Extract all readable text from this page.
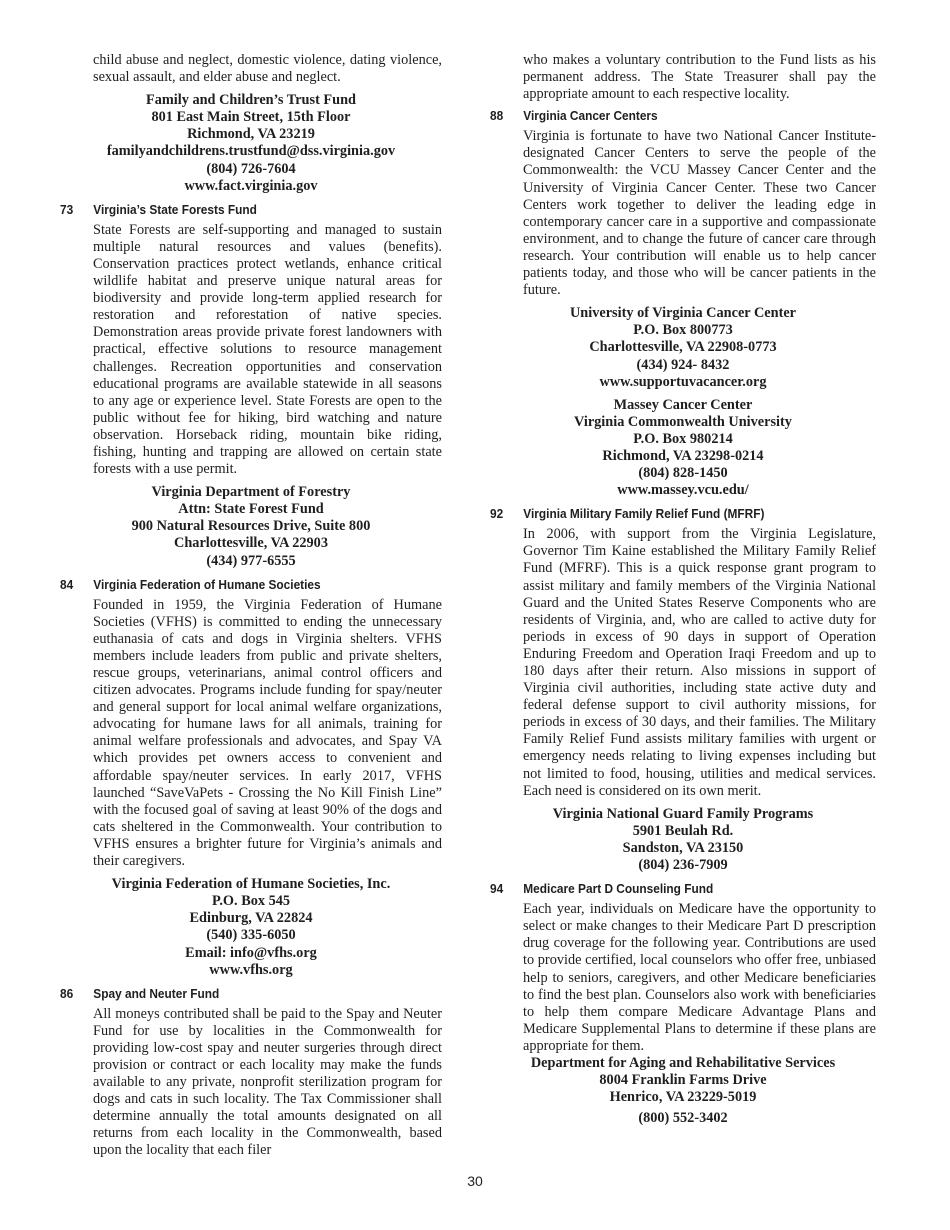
child abuse and neglect, domestic violence, dating violence, sexual assault, and elder abuse and neglect.

Family and Children’s Trust Fund
801 East Main Street, 15th Floor
Richmond, VA 23219
familyandchildrens.trustfund@dss.virginia.gov
(804) 726-7604
www.fact.virginia.gov
73	Virginia’s State Forests Fund

State Forests are self-supporting and managed to sustain multiple natural resources and values (benefits). Conservation practices protect wetlands, enhance critical wildlife habitat and preserve unique natural areas for biodiversity and provide long-term applied research for restoration and reforestation of native species. Demonstration areas provide private forest landowners with practical, effective solutions to resource management challenges. Recreation opportunities and conservation educational programs are available statewide in all seasons to any age or experience level. State Forests are open to the public without fee for hiking, bird watching and nature observation. Horseback riding, mountain bike riding, fishing, hunting and trapping are allowed on certain state forests with a use permit.

Virginia Department of Forestry
Attn: State Forest Fund
900 Natural Resources Drive, Suite 800
Charlottesville, VA 22903
(434) 977-6555
84	Virginia Federation of Humane Societies

Founded in 1959, the Virginia Federation of Humane Societies (VFHS) is committed to ending the unnecessary euthanasia of cats and dogs in Virginia shelters. VFHS members include leaders from public and private shelters, rescue groups, veterinarians, animal control officers and citizen advocates. Programs include funding for spay/neuter and general support for local animal welfare organizations, advocating for humane laws for all animals, training for animal welfare professionals and advocates, and Spay VA which provides pet owners access to convenient and affordable spay/neuter services. In early 2017, VFHS launched “SaveVaPets - Crossing the No Kill Finish Line” with the focused goal of saving at least 90% of the dogs and cats sheltered in the Commonwealth. Your contribution to VFHS ensures a brighter future for Virginia’s animals and their caregivers.

Virginia Federation of Humane Societies, Inc.
P.O. Box 545
Edinburg, VA 22824
(540) 335-6050
Email: info@vfhs.org
www.vfhs.org
86	Spay and Neuter Fund

All moneys contributed shall be paid to the Spay and Neuter Fund for use by localities in the Commonwealth for providing low-cost spay and neuter surgeries through direct provision or contract or each locality may make the funds available to any private, nonprofit sterilization program for dogs and cats in such locality. The Tax Commissioner shall determine annually the total amounts designated on all returns from each locality in the Commonwealth, based upon the locality that each filer

who makes a voluntary contribution to the Fund lists as his permanent address. The State Treasurer shall pay the appropriate amount to each respective locality.

88	Virginia Cancer Centers

Virginia is fortunate to have two National Cancer Institute-designated Cancer Centers to serve the people of the Commonwealth: the VCU Massey Cancer Center and the University of Virginia Cancer Center. These two Cancer Centers work together to deliver the leading edge in contemporary cancer care in a supportive and compassionate environment, and to change the future of cancer care through research. Your contribution will enable us to help cancer patients today, and those who will be cancer patients in the future.

University of Virginia Cancer Center
P.O. Box 800773
Charlottesville, VA 22908-0773
(434) 924- 8432
www.supportuvacancer.org
Massey Cancer Center
Virginia Commonwealth University
P.O. Box 980214
Richmond, VA 23298-0214
(804) 828-1450
www.massey.vcu.edu/
92	Virginia Military Family Relief Fund (MFRF)

In 2006, with support from the Virginia Legislature, Governor Tim Kaine established the Military Family Relief Fund (MFRF). This is a quick response grant program to assist military and family members of the Virginia National Guard and the United States Reserve Components who are residents of Virginia, and, who are called to active duty for periods in excess of 90 days in support of Operation Enduring Freedom and Operation Iraqi Freedom and up to 180 days after their return. Also missions in support of Virginia civil authorities, including state active duty and federal defense support to civil authority missions, for periods in excess of 30 days, and their families. The Military Family Relief Fund assists military families with urgent or emergency needs relating to living expenses including but not limited to food, housing, utilities and medical services. Each need is considered on its own merit.

Virginia National Guard Family Programs
5901 Beulah Rd.
Sandston, VA 23150
(804) 236-7909
94	Medicare Part D Counseling Fund

Each year, individuals on Medicare have the opportunity to select or make changes to their Medicare Part D prescription drug coverage for the following year. Contributions are used to provide certified, local counselors who offer free, unbiased help to seniors, caregivers, and other Medicare beneficiaries to find the best plan. Counselors also work with beneficiaries to help them compare Medicare Advantage Plans and Medicare Supplemental Plans to determine if these plans are appropriate for them.

Department for Aging and Rehabilitative Services
8004 Franklin Farms Drive
Henrico, VA 23229-5019
(800) 552-3402
30
